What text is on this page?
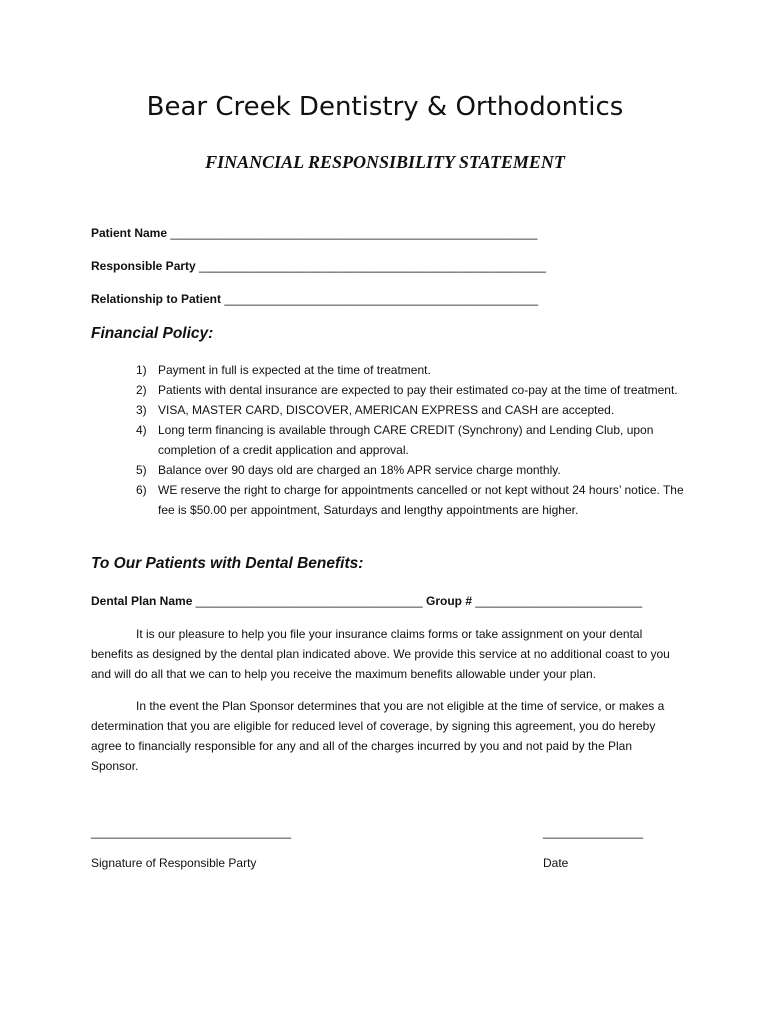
Bear Creek Dentistry & Orthodontics
FINANCIAL RESPONSIBILITY STATEMENT
Patient Name _______________________________________________________
Responsible Party ____________________________________________________
Relationship to Patient _______________________________________________
Financial Policy:
1) Payment in full is expected at the time of treatment.
2) Patients with dental insurance are expected to pay their estimated co-pay at the time of treatment.
3) VISA, MASTER CARD, DISCOVER, AMERICAN EXPRESS and CASH are accepted.
4) Long term financing is available through CARE CREDIT (Synchrony) and Lending Club, upon completion of a credit application and approval.
5) Balance over 90 days old are charged an 18% APR service charge monthly.
6) WE reserve the right to charge for appointments cancelled or not kept without 24 hours’ notice. The fee is $50.00 per appointment, Saturdays and lengthy appointments are higher.
To Our Patients with Dental Benefits:
Dental Plan Name __________________________________ Group # _________________________
It is our pleasure to help you file your insurance claims forms or take assignment on your dental benefits as designed by the dental plan indicated above. We provide this service at no additional coast to you and will do all that we can to help you receive the maximum benefits allowable under your plan.
In the event the Plan Sponsor determines that you are not eligible at the time of service, or makes a determination that you are eligible for reduced level of coverage, by signing this agreement, you do hereby agree to financially responsible for any and all of the charges incurred by you and not paid by the Plan Sponsor.
______________________________	_______________
Signature of Responsible Party	Date
